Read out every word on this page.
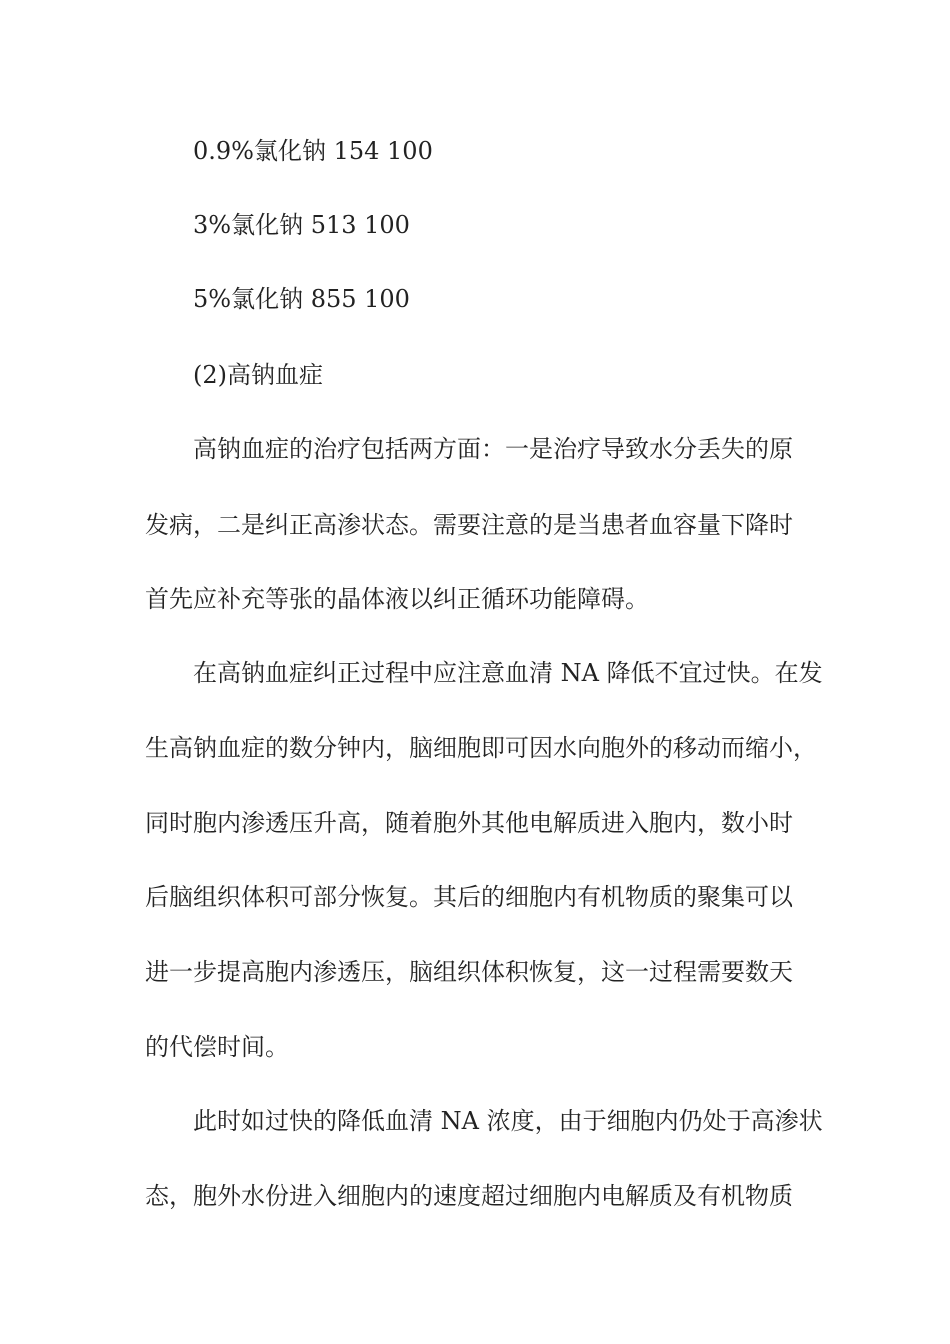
0.9%氯化钠 154 100

3%氯化钠 513 100

5%氯化钠 855 100

(2)高钠血症

高钠血症的治疗包括两方面：一是治疗导致水分丢失的原

发病，二是纠正高渗状态。需要注意的是当患者血容量下降时

首先应补充等张的晶体液以纠正循环功能障碍。

在高钠血症纠正过程中应注意血清 NA 降低不宜过快。在发

生高钠血症的数分钟内，脑细胞即可因水向胞外的移动而缩小，

同时胞内渗透压升高，随着胞外其他电解质进入胞内，数小时

后脑组织体积可部分恢复。其后的细胞内有机物质的聚集可以

进一步提高胞内渗透压，脑组织体积恢复，这一过程需要数天

的代偿时间。

此时如过快的降低血清 NA 浓度，由于细胞内仍处于高渗状

态，胞外水份进入细胞内的速度超过细胞内电解质及有机物质
